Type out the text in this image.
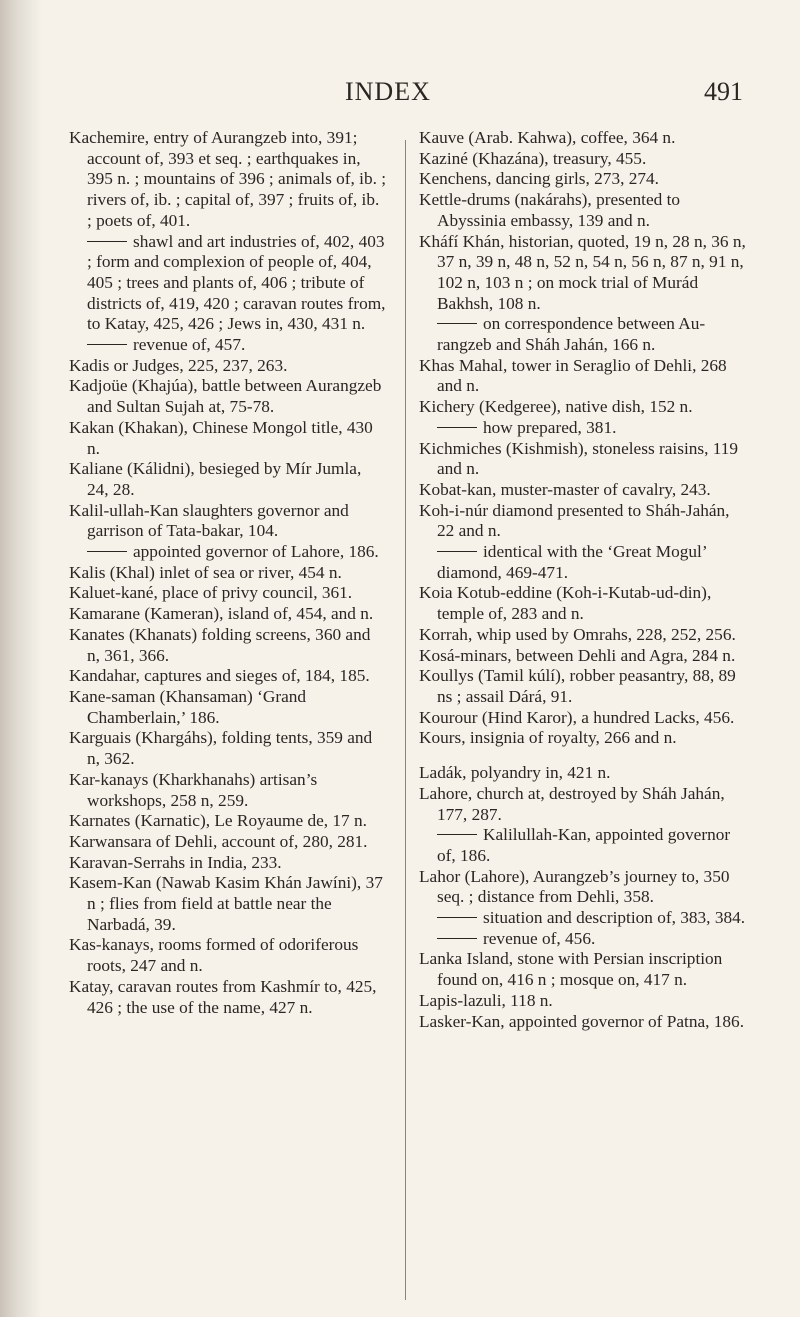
INDEX	491

Kachemire, entry of Aurangzeb into, 391; account of, 393 et seq. ; earthquakes in, 395 n. ; mountains of 396 ; animals of, ib. ; rivers of, ib. ; capital of, 397 ; fruits of, ib. ; poets of, 401.

shawl and art industries of, 402, 403 ; form and complexion of people of, 404, 405 ; trees and plants of, 406 ; tribute of districts of, 419, 420 ; caravan routes from, to Katay, 425, 426 ; Jews in, 430, 431 n.

revenue of, 457.

Kadis or Judges, 225, 237, 263.

Kadjoüe (Khajúa), battle between Aurangzeb and Sultan Sujah at, 75-78.

Kakan (Khakan), Chinese Mongol title, 430 n.

Kaliane (Kálidni), besieged by Mír Jumla, 24, 28.

Kalil-ullah-Kan slaughters governor and garrison of Tata-bakar, 104.

appointed governor of Lahore, 186.

Kalis (Khal) inlet of sea or river, 454 n.

Kaluet-kané, place of privy council, 361.

Kamarane (Kameran), island of, 454, and n.

Kanates (Khanats) folding screens, 360 and n, 361, 366.

Kandahar, captures and sieges of, 184, 185.

Kane-saman (Khansaman) ‘Grand Chamberlain,’ 186.

Karguais (Khargáhs), folding tents, 359 and n, 362.

Kar-kanays (Kharkhanahs) artisan’s workshops, 258 n, 259.

Karnates (Karnatic), Le Royaume de, 17 n.

Karwansara of Dehli, account of, 280, 281.

Karavan-Serrahs in India, 233.

Kasem-Kan (Nawab Kasim Khán Jawíni), 37 n ; flies from field at battle near the Narbadá, 39.

Kas-kanays, rooms formed of odoriferous roots, 247 and n.

Katay, caravan routes from Kashmír to, 425, 426 ; the use of the name, 427 n.

Kauve (Arab. Kahwa), coffee, 364 n.

Kaziné (Khazána), treasury, 455.

Kenchens, dancing girls, 273, 274.

Kettle-drums (nakárahs), presented to Abyssinia embassy, 139 and n.

Kháfí Khán, historian, quoted, 19 n, 28 n, 36 n, 37 n, 39 n, 48 n, 52 n, 54 n, 56 n, 87 n, 91 n, 102 n, 103 n ; on mock trial of Murád Bakhsh, 108 n.

on correspondence between Aurangzeb and Sháh Jahán, 166 n.

Khas Mahal, tower in Seraglio of Dehli, 268 and n.

Kichery (Kedgeree), native dish, 152 n.

how prepared, 381.

Kichmiches (Kishmish), stoneless raisins, 119 and n.

Kobat-kan, muster-master of cavalry, 243.

Koh-i-núr diamond presented to Sháh-Jahán, 22 and n.

identical with the ‘Great Mogul’ diamond, 469-471.

Koia Kotub-eddine (Koh-i-Kutab-ud-din), temple of, 283 and n.

Korrah, whip used by Omrahs, 228, 252, 256.

Kosá-minars, between Dehli and Agra, 284 n.

Koullys (Tamil kúlí), robber peasantry, 88, 89 ns ; assail Dárá, 91.

Kourour (Hind Karor), a hundred Lacks, 456.

Kours, insignia of royalty, 266 and n.

Ladák, polyandry in, 421 n.

Lahore, church at, destroyed by Sháh Jahán, 177, 287.

Kalilullah-Kan, appointed governor of, 186.

Lahor (Lahore), Aurangzeb’s journey to, 350 seq. ; distance from Dehli, 358.

situation and description of, 383, 384.

revenue of, 456.

Lanka Island, stone with Persian inscription found on, 416 n ; mosque on, 417 n.

Lapis-lazuli, 118 n.

Lasker-Kan, appointed governor of Patna, 186.
